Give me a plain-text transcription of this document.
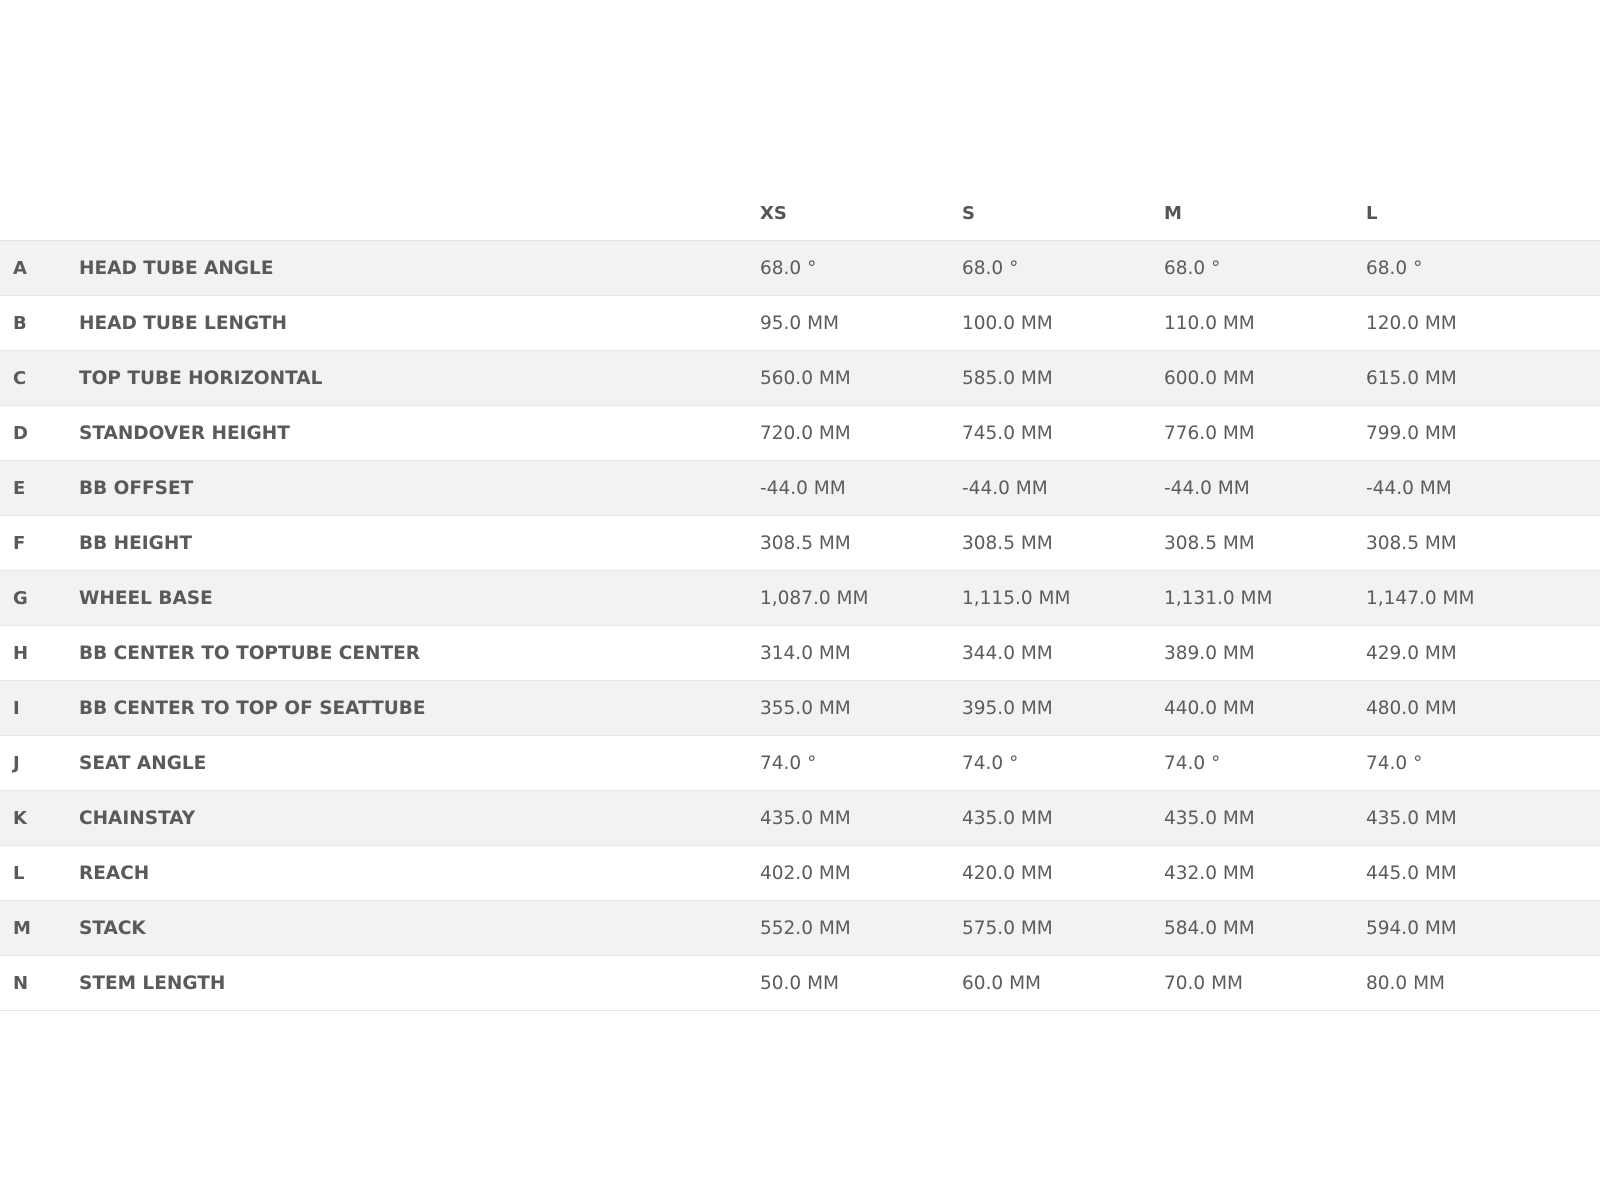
		XS	S	M	L
A	HEAD TUBE ANGLE	68.0 °	68.0 °	68.0 °	68.0 °
B	HEAD TUBE LENGTH	95.0 MM	100.0 MM	110.0 MM	120.0 MM
C	TOP TUBE HORIZONTAL	560.0 MM	585.0 MM	600.0 MM	615.0 MM
D	STANDOVER HEIGHT	720.0 MM	745.0 MM	776.0 MM	799.0 MM
E	BB OFFSET	-44.0 MM	-44.0 MM	-44.0 MM	-44.0 MM
F	BB HEIGHT	308.5 MM	308.5 MM	308.5 MM	308.5 MM
G	WHEEL BASE	1,087.0 MM	1,115.0 MM	1,131.0 MM	1,147.0 MM
H	BB CENTER TO TOPTUBE CENTER	314.0 MM	344.0 MM	389.0 MM	429.0 MM
I	BB CENTER TO TOP OF SEATTUBE	355.0 MM	395.0 MM	440.0 MM	480.0 MM
J	SEAT ANGLE	74.0 °	74.0 °	74.0 °	74.0 °
K	CHAINSTAY	435.0 MM	435.0 MM	435.0 MM	435.0 MM
L	REACH	402.0 MM	420.0 MM	432.0 MM	445.0 MM
M	STACK	552.0 MM	575.0 MM	584.0 MM	594.0 MM
N	STEM LENGTH	50.0 MM	60.0 MM	70.0 MM	80.0 MM
